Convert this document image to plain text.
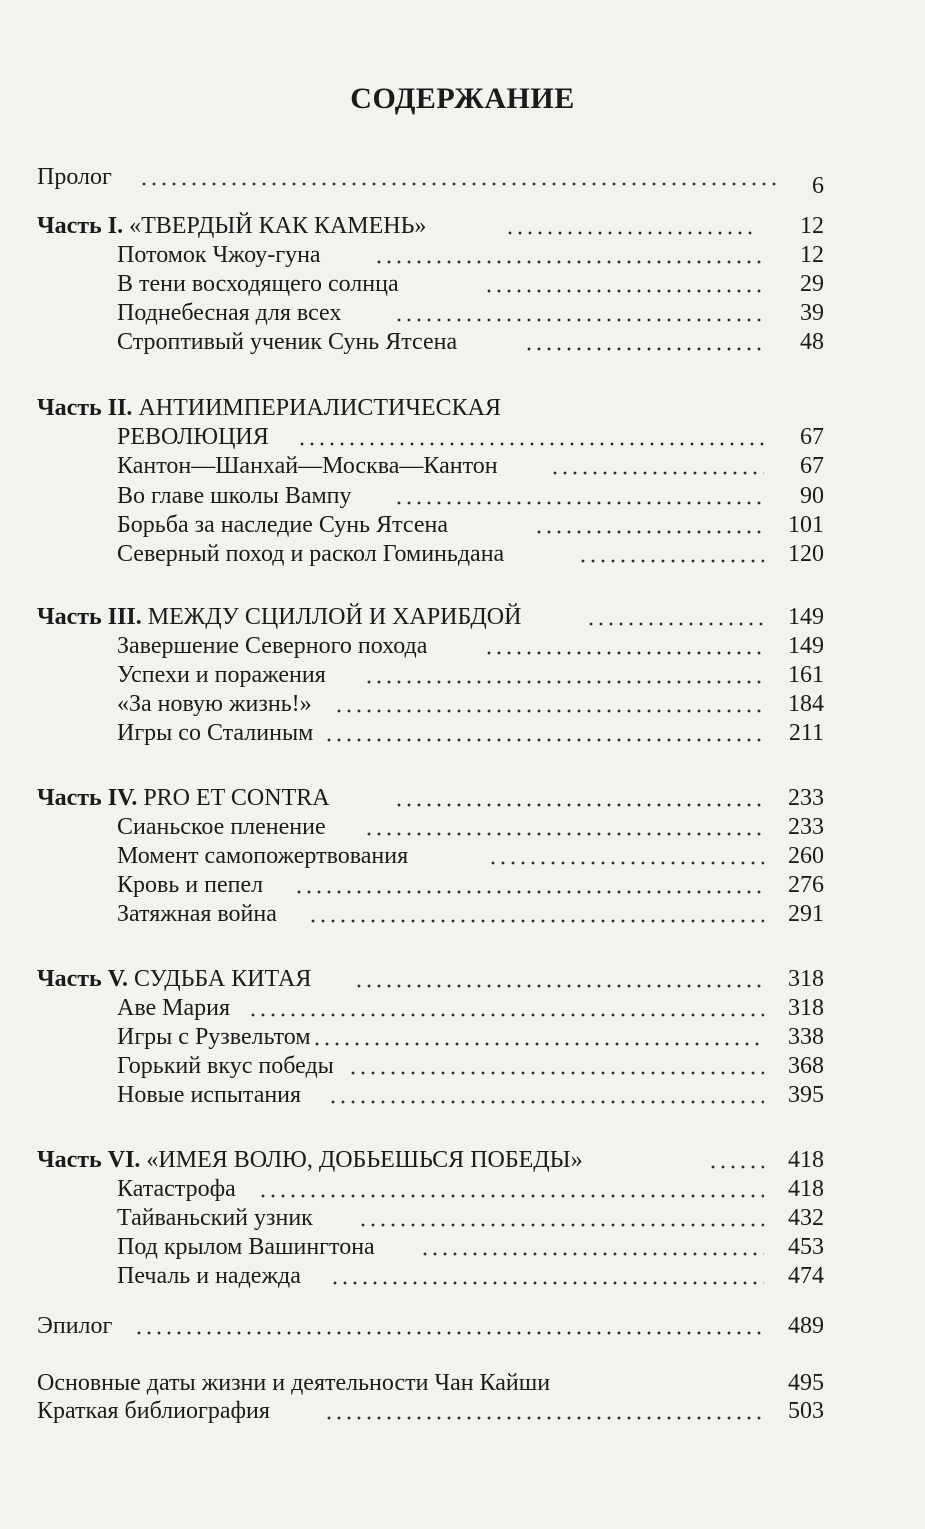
СОДЕРЖАНИЕ
Пролог	6
Часть I. «ТВЕРДЫЙ КАК КАМЕНЬ»	12
Потомок Чжоу-гуна	12
В тени восходящего солнца	29
Поднебесная для всех	39
Строптивый ученик Сунь Ятсена	48
Часть II. АНТИИМПЕРИАЛИСТИЧЕСКАЯ
РЕВОЛЮЦИЯ	67
Кантон—Шанхай—Москва—Кантон	67
Во главе школы Вампу	90
Борьба за наследие Сунь Ятсена	101
Северный поход и раскол Гоминьдана	120
Часть III. МЕЖДУ СЦИЛЛОЙ И ХАРИБДОЙ	149
Завершение Северного похода	149
Успехи и поражения	161
«За новую жизнь!»	184
Игры со Сталиным	211
Часть IV. PRO ET CONTRA	233
Сианьское пленение	233
Момент самопожертвования	260
Кровь и пепел	276
Затяжная война	291
Часть V. СУДЬБА КИТАЯ	318
Аве Мария	318
Игры с Рузвельтом	338
Горький вкус победы	368
Новые испытания	395
Часть VI. «ИМЕЯ ВОЛЮ, ДОБЬЕШЬСЯ ПОБЕДЫ»	418
Катастрофа	418
Тайваньский узник	432
Под крылом Вашингтона	453
Печаль и надежда	474
Эпилог	489
Основные даты жизни и деятельности Чан Кайши	495
Краткая библиография	503
